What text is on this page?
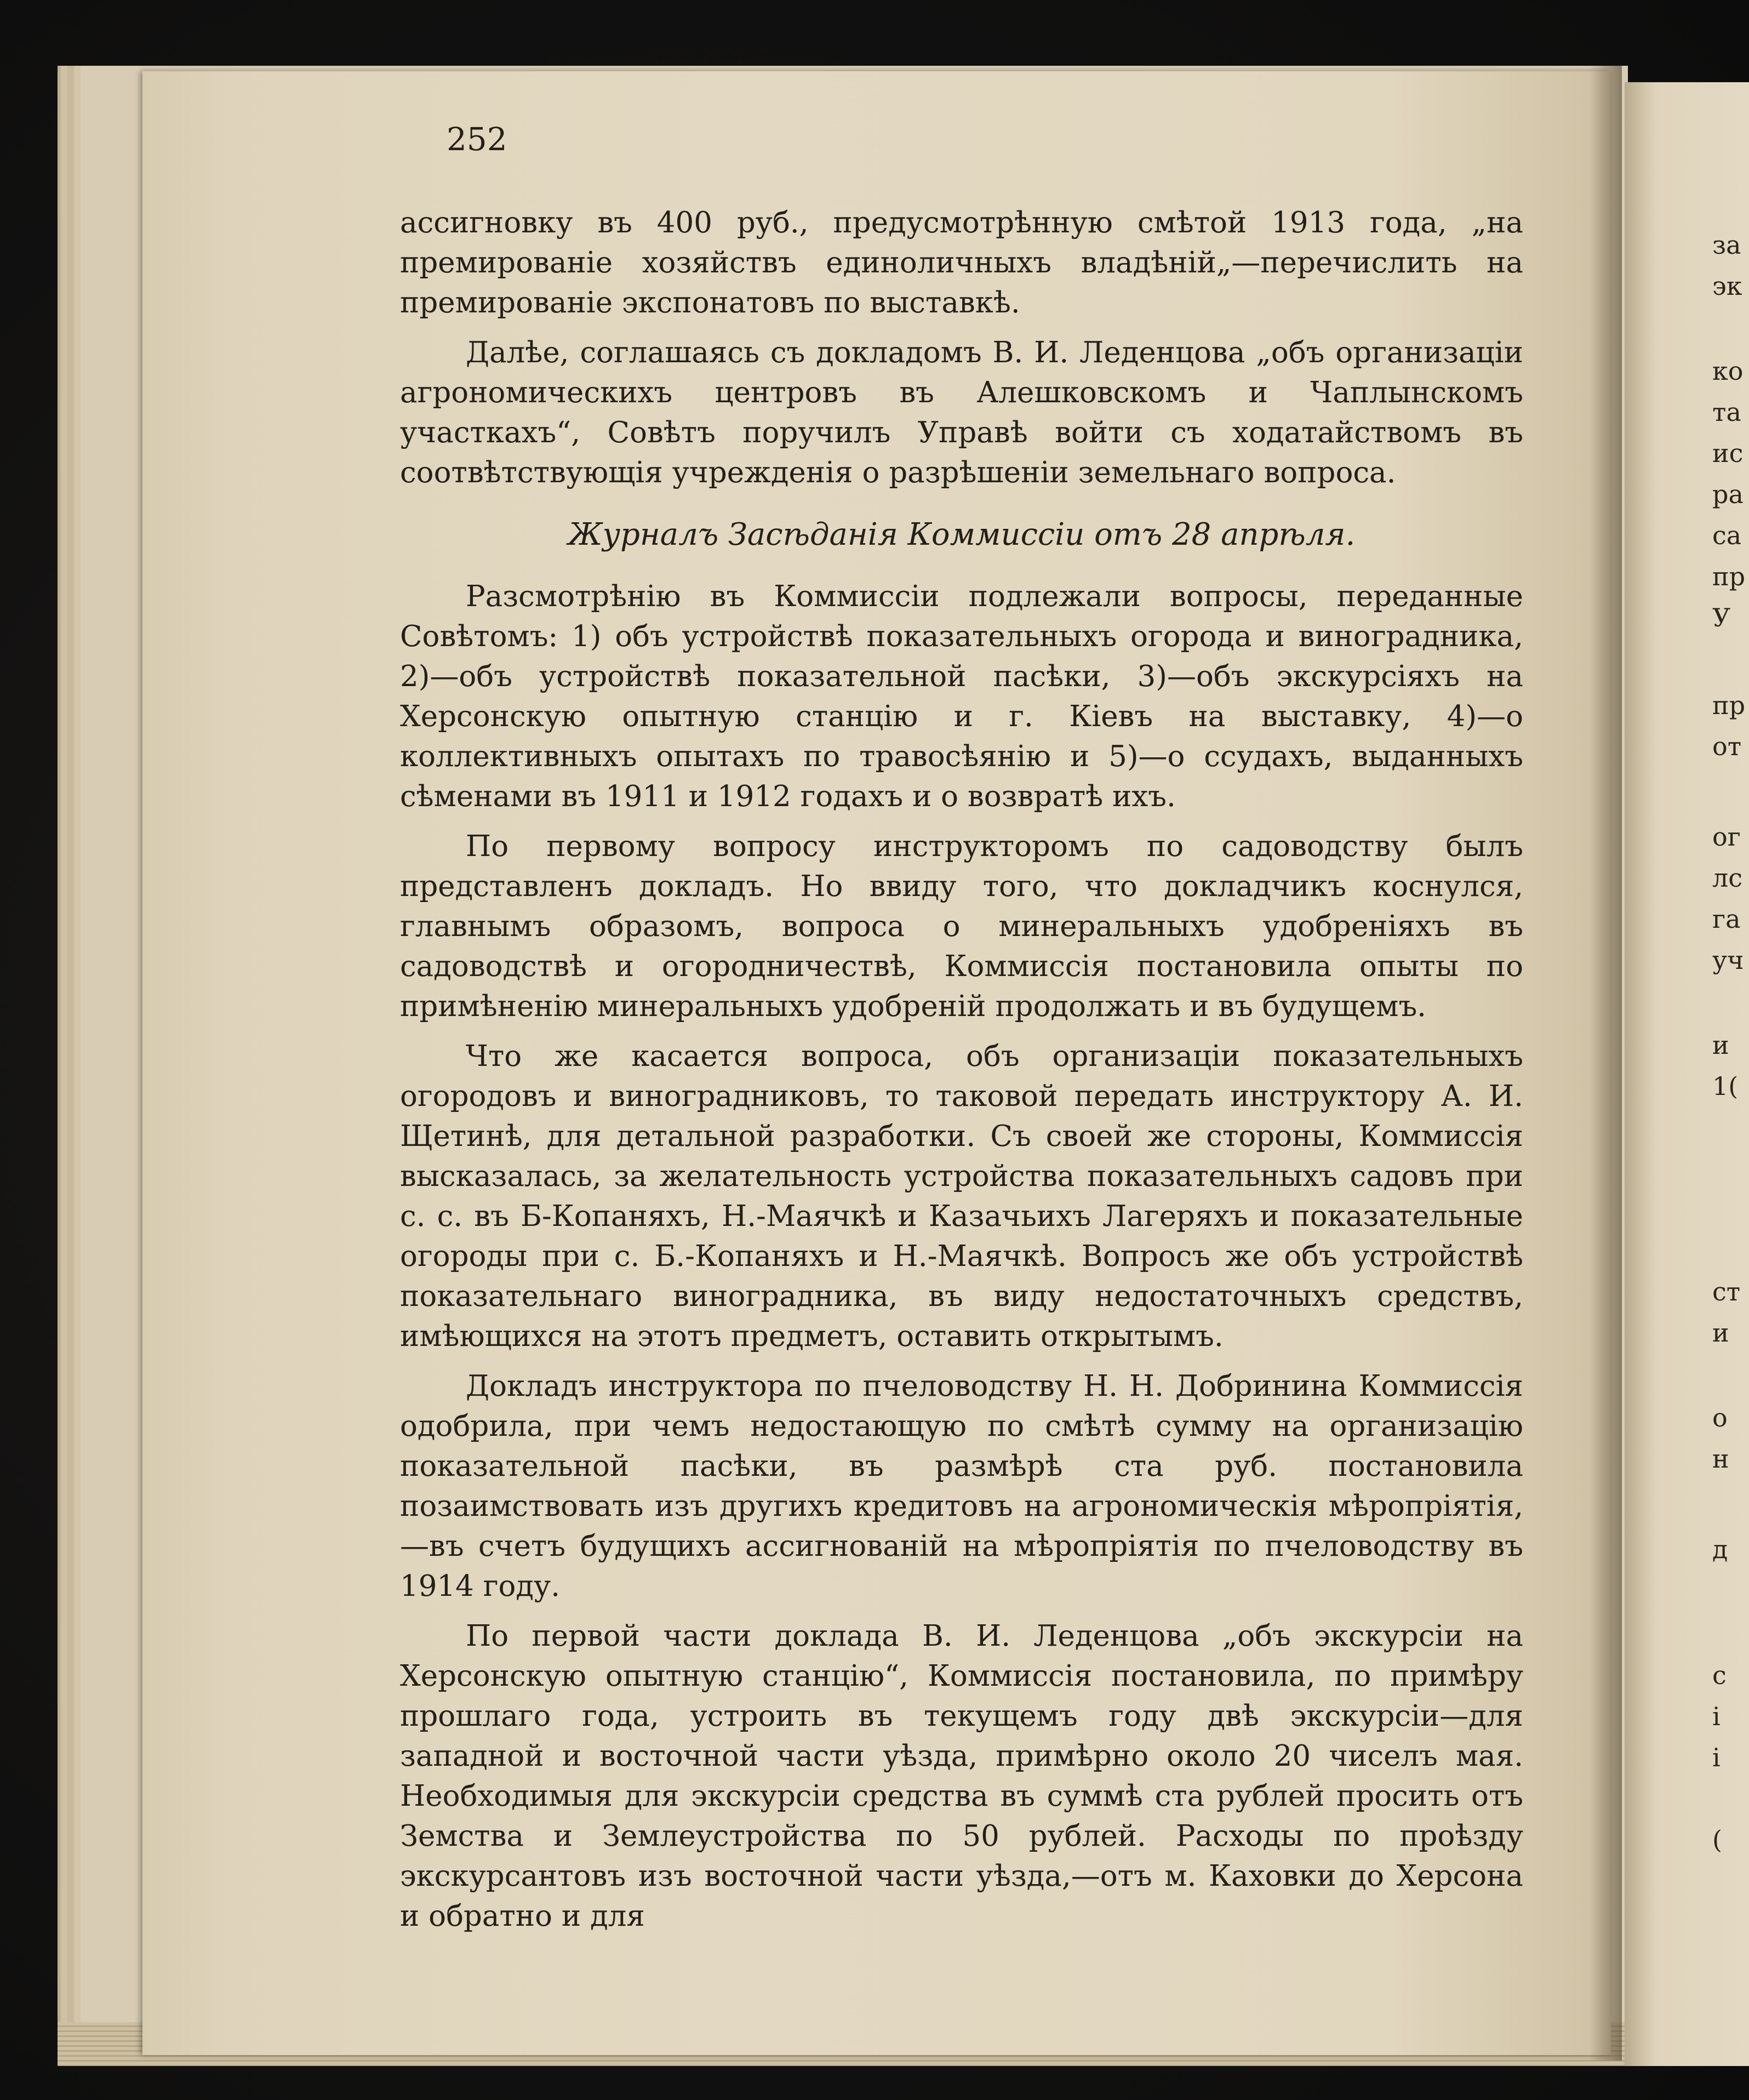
за
эк
ко
та
ис
ра
са
пр
У
пр
от
ог
лс
га
уч
и
1(
ст
и
о
н
д
с
і
і
(
252

ассигновку въ 400 руб., предусмотрѣнную смѣтой 1913 года, „на премированіе хозяйствъ единоличныхъ владѣній„—перечислить на премированіе экспонатовъ по выставкѣ.

Далѣе, соглашаясь съ докладомъ В. И. Леденцова „объ организаціи агрономическихъ центровъ въ Алешковскомъ и Чаплынскомъ участкахъ“, Совѣтъ поручилъ Управѣ войти съ ходатайствомъ въ соотвѣтствующія учрежденія о разрѣшеніи земельнаго вопроса.

Журналъ Засѣданія Коммиссіи отъ 28 апрѣля.

Разсмотрѣнію въ Коммиссіи подлежали вопросы, переданные Совѣтомъ: 1) объ устройствѣ показательныхъ огорода и виноградника, 2)—объ устройствѣ показательной пасѣки, 3)—объ экскурсіяхъ на Херсонскую опытную станцію и г. Кіевъ на выставку, 4)—о коллективныхъ опытахъ по травосѣянію и 5)—о ссудахъ, выданныхъ сѣменами въ 1911 и 1912 годахъ и о возвратѣ ихъ.

По первому вопросу инструкторомъ по садоводству былъ представленъ докладъ. Но ввиду того, что докладчикъ коснулся, главнымъ образомъ, вопроса о минеральныхъ удобреніяхъ въ садоводствѣ и огородничествѣ, Коммиссія постановила опыты по примѣненію минеральныхъ удобреній продолжать и въ будущемъ.

Что же касается вопроса, объ организаціи показательныхъ огородовъ и виноградниковъ, то таковой передать инструктору А. И. Щетинѣ, для детальной разработки. Съ своей же стороны, Коммиссія высказалась, за желательность устройства показательныхъ садовъ при с. с. въ Б-Копаняхъ, Н.-Маячкѣ и Казачьихъ Лагеряхъ и показательные огороды при с. Б.-Копаняхъ и Н.-Маячкѣ. Вопросъ же объ устройствѣ показательнаго виноградника, въ виду недостаточныхъ средствъ, имѣющихся на этотъ предметъ, оставить открытымъ.

Докладъ инструктора по пчеловодству Н. Н. Добринина Коммиссія одобрила, при чемъ недостающую по смѣтѣ сумму на организацію показательной пасѣки, въ размѣрѣ ста руб. постановила позаимствовать изъ другихъ кредитовъ на агрономическія мѣропріятія,—въ счетъ будущихъ ассигнованій на мѣропріятія по пчеловодству въ 1914 году.

По первой части доклада В. И. Леденцова „объ экскурсіи на Херсонскую опытную станцію“, Коммиссія постановила, по примѣру прошлаго года, устроить въ текущемъ году двѣ экскурсіи—для западной и восточной части уѣзда, примѣрно около 20 чиселъ мая. Необходимыя для экскурсіи средства въ суммѣ ста рублей просить отъ Земства и Землеустройства по 50 рублей. Расходы по проѣзду экскурсантовъ изъ восточной части уѣзда,—отъ м. Каховки до Херсона и обратно и для
